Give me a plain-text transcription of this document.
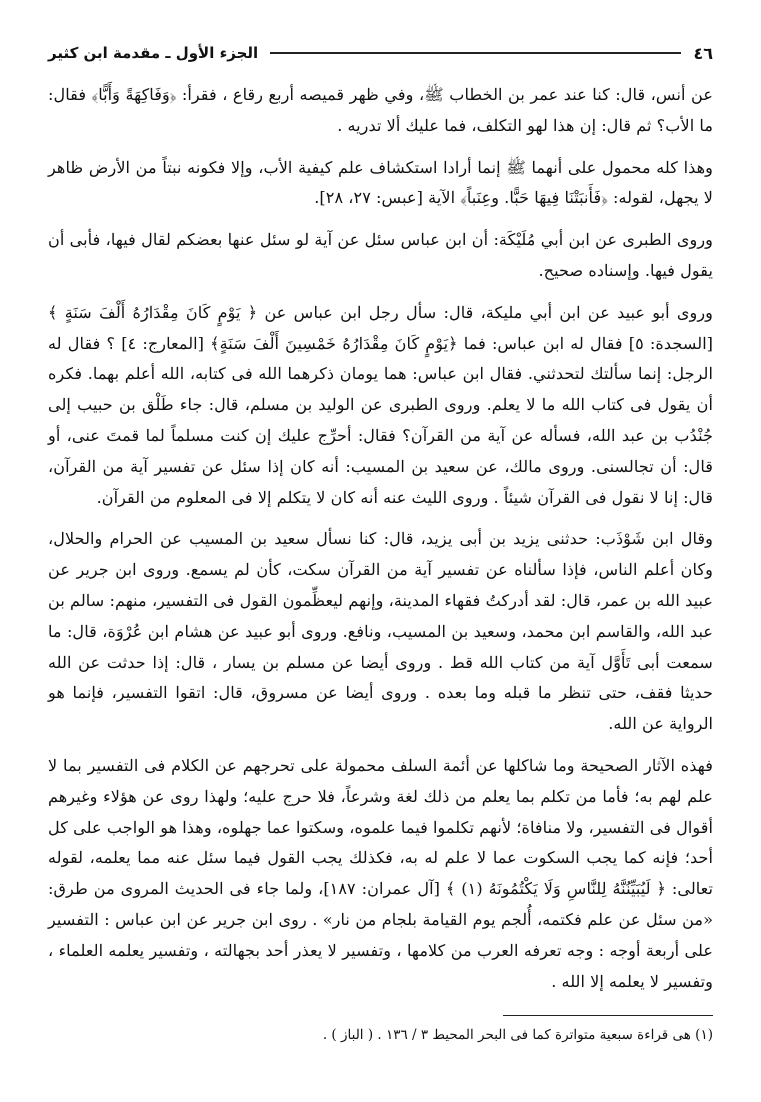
٤٦
الجزء الأول ـ مقدمة ابن كثير

عن أنس، قال: كنا عند عمر بن الخطاب ﷺ، وفي ظهر قميصه أربع رقاع ، فقرأ: ﴿وَفَاكِهَةً وَأَبًّا﴾ فقال: ما الأب؟ ثم قال: إن هذا لهو التكلف، فما عليك ألا تدريه .

وهذا كله محمول على أنهما ﷺ إنما أرادا استكشاف علم كيفية الأب، وإلا فكونه نبتاً من الأرض ظاهر لا يجهل، لقوله: ﴿فَأَنبَتْنَا فِيهَا حَبًّا. وعِنَباً﴾ الآية [عبس: ٢٧، ٢٨].

وروى الطبرى عن ابن أبي مُلَيْكَة: أن ابن عباس سئل عن آية لو سئل عنها بعضكم لقال فيها، فأبى أن يقول فيها. وإسناده صحيح.

وروى أبو عبيد عن ابن أبي مليكة، قال: سأل رجل ابن عباس عن ﴿ يَوْمٍ كَانَ مِقْدَارُهُ أَلْفَ سَنَةٍ ﴾ [السجدة: ٥] فقال له ابن عباس: فما ﴿يَوْمٍ كَانَ مِقْدَارُهُ خَمْسِينَ أَلْفَ سَنَةٍ﴾ [المعارج: ٤] ؟ فقال له الرجل: إنما سألتك لتحدثني. فقال ابن عباس: هما يومان ذكرهما الله فى كتابه، الله أعلم بهما. فكره أن يقول فى كتاب الله ما لا يعلم. وروى الطبرى عن الوليد بن مسلم، قال: جاء طَلْق بن حبيب إلى جُنْدُب بن عبد الله، فسأله عن آية من القرآن؟ فقال: أحرِّج عليك إن كنت مسلماً لما قمتَ عنى، أو قال: أن تجالسنى. وروى مالك، عن سعيد بن المسيب: أنه كان إذا سئل عن تفسير آية من القرآن، قال: إنا لا نقول فى القرآن شيئاً . وروى الليث عنه أنه كان لا يتكلم إلا فى المعلوم من القرآن.

وقال ابن شَوْذَب: حدثنى يزيد بن أبى يزيد، قال: كنا نسأل سعيد بن المسيب عن الحرام والحلال، وكان أعلم الناس، فإذا سألناه عن تفسير آية من القرآن سكت، كأن لم يسمع. وروى ابن جرير عن عبيد الله بن عمر، قال: لقد أدركتُ فقهاء المدينة، وإنهم ليعظِّمون القول فى التفسير، منهم: سالم بن عبد الله، والقاسم ابن محمد، وسعيد بن المسيب، ونافع. وروى أبو عبيد عن هشام ابن عُرْوَة، قال: ما سمعت أبى تَأَوَّل آية من كتاب الله قط . وروى أيضا عن مسلم بن يسار ، قال: إذا حدثت عن الله حديثا فقف، حتى تنظر ما قبله وما بعده . وروى أيضا عن مسروق، قال: اتقوا التفسير، فإنما هو الرواية عن الله.

فهذه الآثار الصحيحة وما شاكلها عن أئمة السلف محمولة على تحرجهم عن الكلام فى التفسير بما لا علم لهم به؛ فأما من تكلم بما يعلم من ذلك لغة وشرعاً، فلا حرج عليه؛ ولهذا روى عن هؤلاء وغيرهم أقوال فى التفسير، ولا منافاة؛ لأنهم تكلموا فيما علموه، وسكتوا عما جهلوه، وهذا هو الواجب على كل أحد؛ فإنه كما يجب السكوت عما لا علم له به، فكذلك يجب القول فيما سئل عنه مما يعلمه، لقوله تعالى: ﴿ لَيُبَيِّنُنَّهُ لِلنَّاسِ وَلَا يَكْتُمُونَهُ (١) ﴾ [آل عمران: ١٨٧]، ولما جاء فى الحديث المروى من طرق: «من سئل عن علم فكتمه، أُلجم يوم القيامة بلجام من نار» . روى ابن جرير عن ابن عباس : التفسير على أربعة أوجه : وجه تعرفه العرب من كلامها ، وتفسير لا يعذر أحد بجهالته ، وتفسير يعلمه العلماء ، وتفسير لا يعلمه إلا الله .

(١) هى قراءة سبعية متواترة كما فى البحر المحيط ٣ / ١٣٦ . ( الباز ) .
